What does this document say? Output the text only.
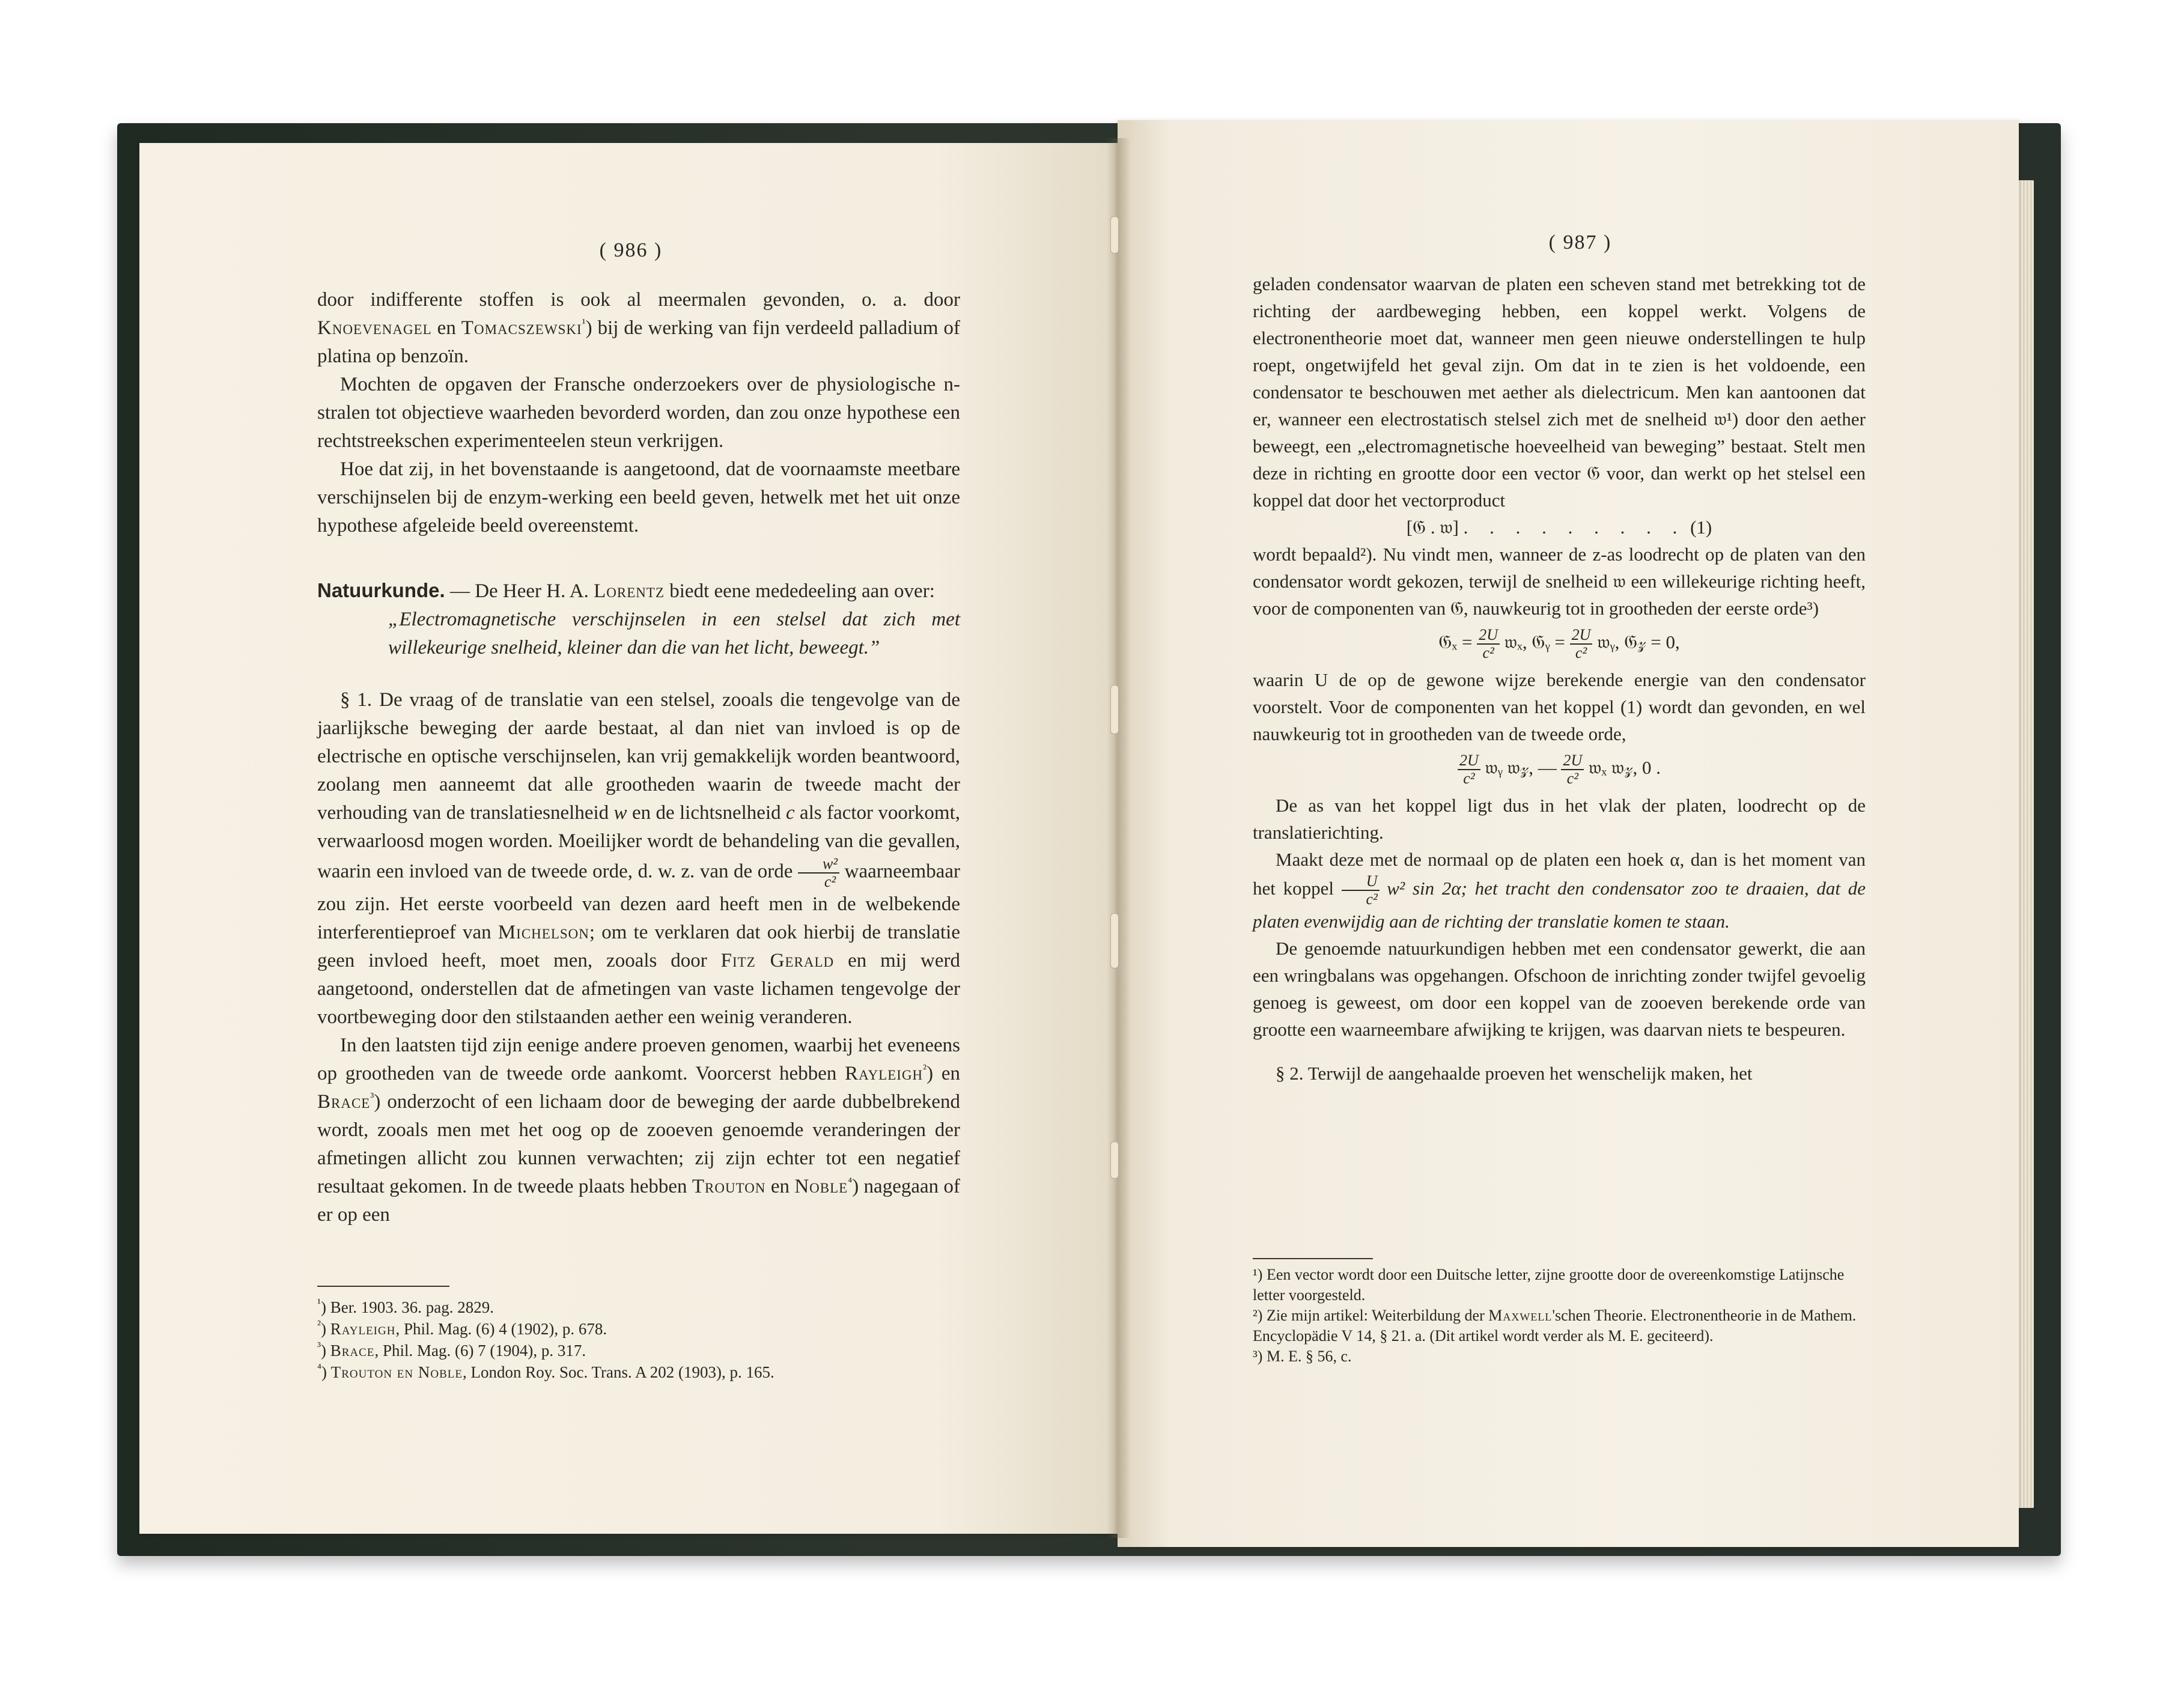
( 986 )

door indifferente stoffen is ook al meermalen gevonden, o. a. door Knoevenagel en Tomacszewski$^{^1}$) bij de werking van fijn verdeeld palladium of platina op benzoïn.

Mochten de opgaven der Fransche onderzoekers over de physiologische n-stralen tot objectieve waarheden bevorderd worden, dan zou onze hypothese een rechtstreekschen experimenteelen steun verkrijgen.

Hoe dat zij, in het bovenstaande is aangetoond, dat de voornaamste meetbare verschijnselen bij de enzym-werking een beeld geven, hetwelk met het uit onze hypothese afgeleide beeld overeenstemt.

Natuurkunde. — De Heer H. A. Lorentz biedt eene mededeeling aan over:

„Electromagnetische verschijnselen in een stelsel dat zich met willekeurige snelheid, kleiner dan die van het licht, beweegt.”

§ 1. De vraag of de translatie van een stelsel, zooals die tengevolge van de jaarlijksche beweging der aarde bestaat, al dan niet van invloed is op de electrische en optische verschijnselen, kan vrij gemakkelijk worden beantwoord, zoolang men aanneemt dat alle grootheden waarin de tweede macht der verhouding van de translatiesnelheid w en de lichtsnelheid c als factor voorkomt, verwaarloosd mogen worden. Moeilijker wordt de behandeling van die gevallen, waarin een invloed van de tweede orde, d. w. z. van de orde $\frac{\text{w²}}{\text{c²}}$ waarneembaar zou zijn. Het eerste voorbeeld van dezen aard heeft men in de welbekende interferentieproef van Michelson; om te verklaren dat ook hierbij de translatie geen invloed heeft, moet men, zooals door Fitz Gerald en mij werd aangetoond, onderstellen dat de afmetingen van vaste lichamen tengevolge der voortbeweging door den stilstaanden aether een weinig veranderen.

In den laatsten tijd zijn eenige andere proeven genomen, waarbij het eveneens op grootheden van de tweede orde aankomt. Voorcerst hebben Rayleigh$^{^2}$) en Brace$^{^3}$) onderzocht of een lichaam door de beweging der aarde dubbelbrekend wordt, zooals men met het oog op de zooeven genoemde veranderingen der afmetingen allicht zou kunnen verwachten; zij zijn echter tot een negatief resultaat gekomen. In de tweede plaats hebben Trouton en Noble$^{^4}$) nagegaan of er op een

$^{^1}$) Ber. 1903. 36. pag. 2829.

$^{^2}$) Rayleigh, Phil. Mag. (6) 4 (1902), p. 678.

$^{^3}$) Brace, Phil. Mag. (6) 7 (1904), p. 317.

$^{^4}$) Trouton en Noble, London Roy. Soc. Trans. A 202 (1903), p. 165.

( 987 )

geladen condensator waarvan de platen een scheven stand met betrekking tot de richting der aardbeweging hebben, een koppel werkt. Volgens de electronentheorie moet dat, wanneer men geen nieuwe onderstellingen te hulp roept, ongetwijfeld het geval zijn. Om dat in te zien is het voldoende, een condensator te beschouwen met aether als dielectricum. Men kan aantoonen dat er, wanneer een electrostatisch stelsel zich met de snelheid 𝔴¹) door den aether beweegt, een „electromagnetische hoeveelheid van beweging” bestaat. Stelt men deze in richting en grootte door een vector 𝔊 voor, dan werkt op het stelsel een koppel dat door het vectorproduct

[𝔊 . 𝔴] . . . . . . . . . (1)

wordt bepaald²). Nu vindt men, wanneer de z-as loodrecht op de platen van den condensator wordt gekozen, terwijl de snelheid 𝔴 een willekeurige richting heeft, voor de componenten van 𝔊, nauwkeurig tot in grootheden der eerste orde³)

𝔊ₓ = $\frac{2U}{\text{c²}}$ 𝔴ₓ, 𝔊ᵧ = $\frac{2U}{\text{c²}}$ 𝔴ᵧ, 𝔊𝓏 = 0,

waarin U de op de gewone wijze berekende energie van den condensator voorstelt. Voor de componenten van het koppel (1) wordt dan gevonden, en wel nauwkeurig tot in grootheden van de tweede orde,

$\frac{2U}{\text{c²}}$ 𝔴ᵧ 𝔴𝓏, — $\frac{2U}{\text{c²}}$ 𝔴ₓ 𝔴𝓏, 0 .

De as van het koppel ligt dus in het vlak der platen, loodrecht op de translatierichting.

Maakt deze met de normaal op de platen een hoek α, dan is het moment van het koppel $\frac{U}{\text{c²}} w^2$ sin 2α; het tracht den condensator zoo te draaien, dat de platen evenwijdig aan de richting der translatie komen te staan.

De genoemde natuurkundigen hebben met een condensator gewerkt, die aan een wringbalans was opgehangen. Ofschoon de inrichting zonder twijfel gevoelig genoeg is geweest, om door een koppel van de zooeven berekende orde van grootte een waarneembare afwijking te krijgen, was daarvan niets te bespeuren.

§ 2. Terwijl de aangehaalde proeven het wenschelijk maken, het

¹) Een vector wordt door een Duitsche letter, zijne grootte door de overeenkomstige Latijnsche letter voorgesteld.

²) Zie mijn artikel: Weiterbildung der Maxwell'schen Theorie. Electronentheorie in de Mathem. Encyclopädie V 14, § 21. a. (Dit artikel wordt verder als M. E. geciteerd).

³) M. E. § 56, c.
